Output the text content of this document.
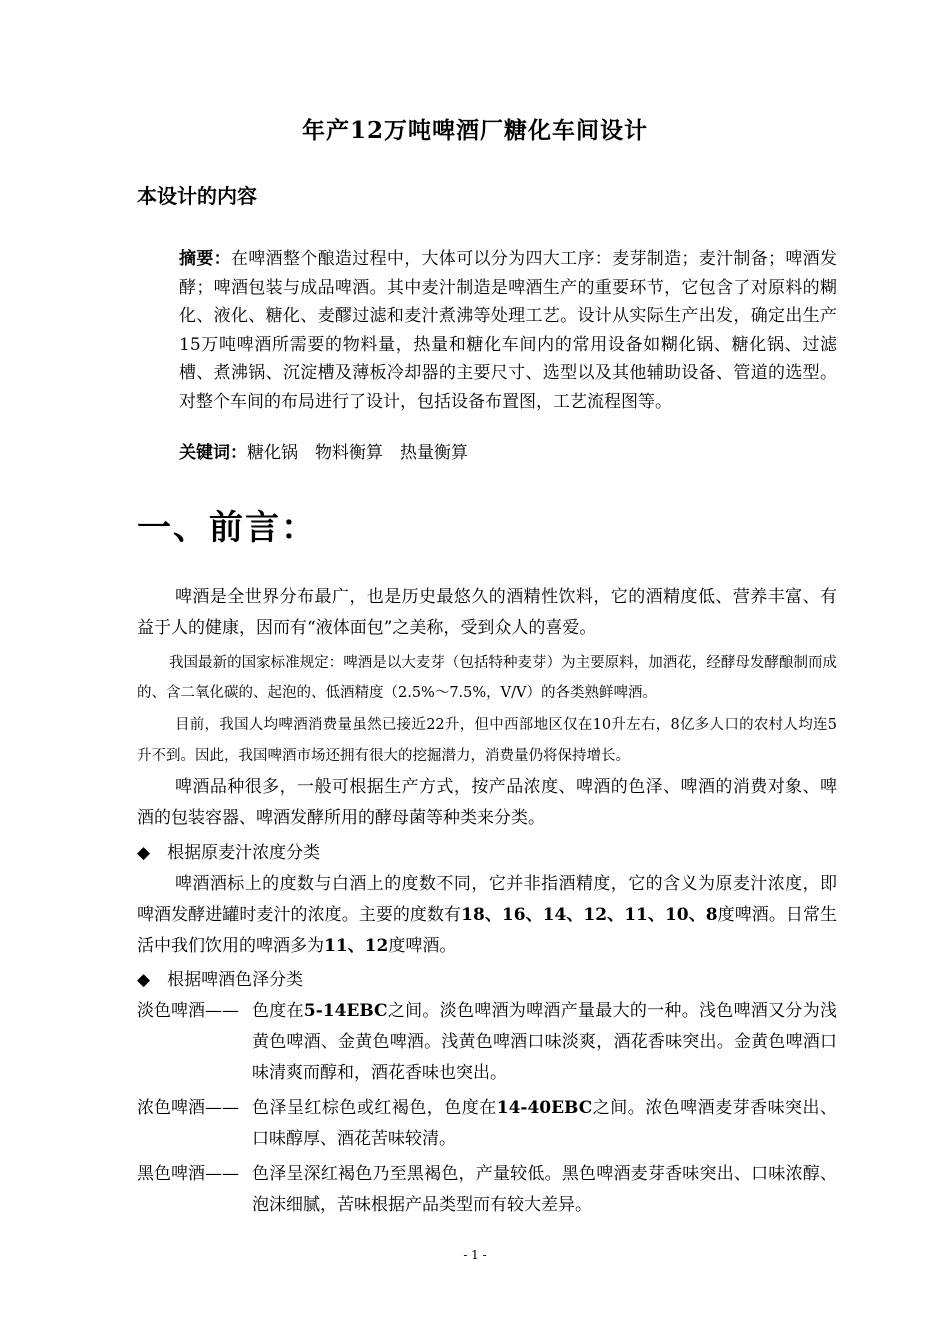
年产12万吨啤酒厂糖化车间设计
本设计的内容
摘要：在啤酒整个酿造过程中，大体可以分为四大工序：麦芽制造；麦汁制备；啤酒发酵；啤酒包装与成品啤酒。其中麦汁制造是啤酒生产的重要环节，它包含了对原料的糊化、液化、糖化、麦醪过滤和麦汁煮沸等处理工艺。设计从实际生产出发，确定出生产15万吨啤酒所需要的物料量，热量和糖化车间内的常用设备如糊化锅、糖化锅、过滤槽、煮沸锅、沉淀槽及薄板冷却器的主要尺寸、选型以及其他辅助设备、管道的选型。对整个车间的布局进行了设计，包括设备布置图，工艺流程图等。
关键词：糖化锅　物料衡算　热量衡算
一、前言：
啤酒是全世界分布最广，也是历史最悠久的酒精性饮料，它的酒精度低、营养丰富、有益于人的健康，因而有“液体面包”之美称，受到众人的喜爱。
我国最新的国家标准规定：啤酒是以大麦芽（包括特种麦芽）为主要原料，加酒花，经酵母发酵酿制而成的、含二氧化碳的、起泡的、低酒精度（2.5%～7.5%，V/V）的各类熟鲜啤酒。
目前，我国人均啤酒消费量虽然已接近22升，但中西部地区仅在10升左右，8亿多人口的农村人均连5升不到。因此，我国啤酒市场还拥有很大的挖掘潜力，消费量仍将保持增长。
啤酒品种很多，一般可根据生产方式，按产品浓度、啤酒的色泽、啤酒的消费对象、啤酒的包装容器、啤酒发酵所用的酵母菌等种类来分类。
◆　根据原麦汁浓度分类
啤酒酒标上的度数与白酒上的度数不同，它并非指酒精度，它的含义为原麦汁浓度，即啤酒发酵进罐时麦汁的浓度。主要的度数有18、16、14、12、11、10、8度啤酒。日常生活中我们饮用的啤酒多为11、12度啤酒。
◆　根据啤酒色泽分类
淡色啤酒—— 色度在5-14EBC之间。淡色啤酒为啤酒产量最大的一种。浅色啤酒又分为浅黄色啤酒、金黄色啤酒。浅黄色啤酒口味淡爽，酒花香味突出。金黄色啤酒口味清爽而醇和，酒花香味也突出。
浓色啤酒—— 色泽呈红棕色或红褐色，色度在14-40EBC之间。浓色啤酒麦芽香味突出、口味醇厚、酒花苦味较清。
黑色啤酒—— 色泽呈深红褐色乃至黑褐色，产量较低。黑色啤酒麦芽香味突出、口味浓醇、泡沫细腻，苦味根据产品类型而有较大差异。
- 1 -
